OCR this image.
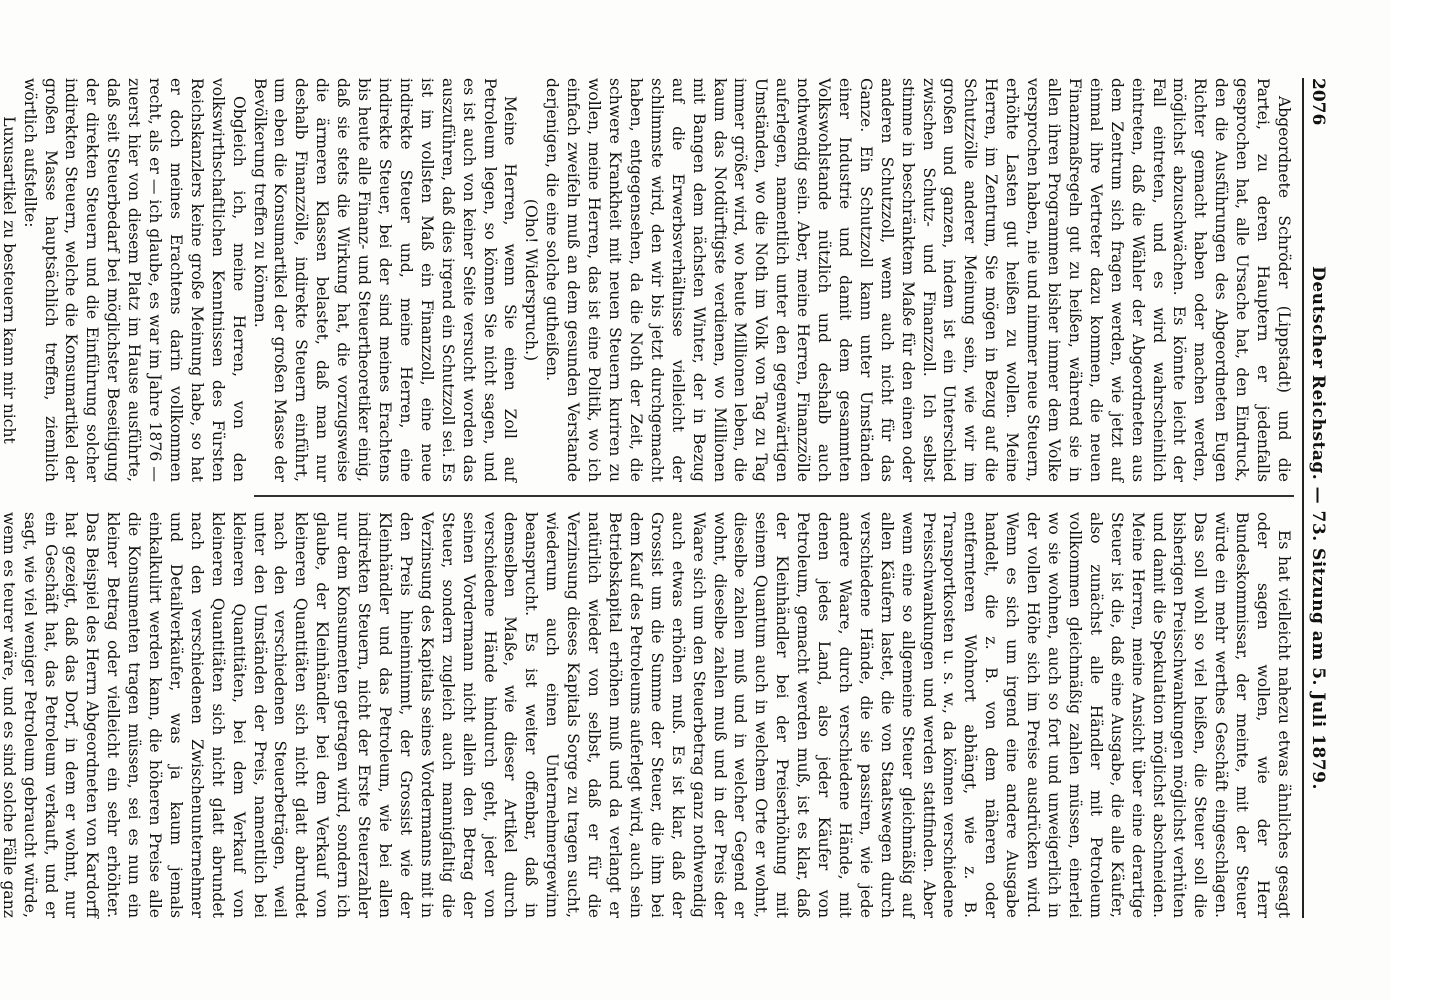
2076
Deutscher Reichstag. — 73. Sitzung am 5. Juli 1879.

Abgeordnete Schröder (Lippstadt) und die Partei, zu deren Hauptern er jedenfalls gesprochen hat, alle Ursache hat, den Eindruck, den die Ausführungen des Abgeordneten Eugen Richter gemacht haben oder machen werden, möglichst abzuschwächen. Es könnte leicht der Fall eintreten, und es wird wahrscheinlich eintreten, daß die Wähler der Abgeordneten aus dem Zentrum sich fragen werden, wie jetzt auf einmal ihre Vertreter dazu kommen, die neuen Finanzmaßregeln gut zu heißen, während sie in allen ihren Programmen bisher immer dem Volke versprochen haben, nie und nimmer neue Steuern, erhöhte Lasten gut heißen zu wollen. Meine Herren, im Zentrum, Sie mögen in Bezug auf die Schutzzölle anderer Meinung sein, wie wir im großen und ganzen, indem ist ein Unterschied zwischen Schutz- und Finanzzoll. Ich selbst stimme in beschränktem Maße für den einen oder anderen Schutzzoll, wenn auch nicht für das Ganze. Ein Schutzzoll kann unter Umständen einer Industrie und damit dem gesammten Volkswohlstande nützlich und deshalb auch nothwendig sein. Aber, meine Herren, Finanzzölle auferlegen, namentlich unter den gegenwärtigen Umständen, wo die Noth im Volk von Tag zu Tag immer größer wird, wo heute Millionen leben, die kaum das Notdürftigste verdienen, wo Millionen mit Bangen dem nächsten Winter, der in Bezug auf die Erwerbsverhältnisse vielleicht der schlimmste wird, den wir bis jetzt durchgemacht haben, entgegensehen, da die Noth der Zeit, die schwere Krankheit mit neuen Steuern kuriren zu wollen, meine Herren, das ist eine Politik, wo ich einfach zweifeln muß an dem gesunden Verstande derjenigen, die eine solche gutheißen.

(Oho! Widerspruch.)

Meine Herren, wenn Sie einen Zoll auf Petroleum legen, so können Sie nicht sagen, und es ist auch von keiner Seite versucht worden das auszuführen, daß dies irgend ein Schutzzoll sei. Es ist im vollsten Maß ein Finanzzoll, eine neue indirekte Steuer und, meine Herren, eine indirekte Steuer, bei der sind meines Erachtens bis heute alle Finanz- und Steuertheoretiker einig, daß sie stets die Wirkung hat, die vorzugsweise die ärmeren Klassen belastet, daß man nur deshalb Finanzzölle, indirekte Steuern einführt, um eben die Konsumartikel der großen Masse der Bevölkerung treffen zu können.

Obgleich ich, meine Herren, von den volkswirthschaftlichen Kenntnissen des Fürsten Reichskanzlers keine große Meinung habe, so hat er doch meines Erachtens darin vollkommen recht, als er — ich glaube, es war im Jahre 1876 — zuerst hier von diesem Platz im Hause ausführte, daß seit Steuerbedarf bei möglichster Beseitigung der direkten Steuern und die Einführung solcher indirekten Steuern, welche die Konsumartikel der großen Masse hauptsächlich treffen, ziemlich wörtlich aufstellte:

Luxusartikel zu besteuern kann mir nicht

Es hat vielleicht nahezu etwas ähnliches gesagt oder sagen wollen, wie der Herr Bundeskommissar, der meinte, mit der Steuer würde ein mehr werthes Geschäft eingeschlagen. Das soll wohl so viel heißen, die Steuer soll die bisherigen Preisschwankungen möglichst verhüten und damit die Spekulation möglichst abschneiden. Meine Herren, meine Ansicht über eine derartige Steuer ist die, daß eine Ausgabe, die alle Käufer, also zunächst alle Händler mit Petroleum vollkommen gleichmäßig zahlen müssen, einerlei wo sie wohnen, auch so fort und unweigerlich in der vollen Höhe sich im Preise ausdrücken wird. Wenn es sich um irgend eine andere Ausgabe handelt, die z. B. von dem näheren oder entfernteren Wohnort abhängt, wie z. B. Transportkosten u. s. w., da können verschiedene Preisschwankungen und werden stattfinden. Aber wenn eine so allgemeine Steuer gleichmäßig auf allen Käufern lastet, die von Staatswegen durch verschiedene Hände, die sie passiren, wie jede andere Waare, durch verschiedene Hände, mit denen jedes Land, also jeder Käufer von Petroleum, gemacht werden muß, ist es klar, daß der Kleinhändler bei der Preiserhöhung mit seinem Quantum auch in welchem Orte er wohnt, dieselbe zahlen muß und in welcher Gegend er wohnt, dieselbe zahlen muß und in der Preis der Waare sich um den Steuerbetrag ganz nothwendig auch etwas erhöhen muß. Es ist klar, daß der Grossist um die Summe der Steuer, die ihm bei dem Kauf des Petroleums auferlegt wird, auch sein Betriebskapital erhöhen muß und da verlangt er natürlich wieder von selbst, daß er für die Verzinsung dieses Kapitals Sorge zu tragen sucht, wiederum auch einen Unternehmergewinn beansprucht. Es ist weiter offenbar, daß in demselben Maße, wie dieser Artikel durch verschiedene Hände hindurch geht, jeder von seinen Vordermann nicht allein den Betrag der Steuer, sondern zugleich auch mannigfaltig die Verzinsung des Kapitals seines Vordermanns mit in den Preis hineinnimmt, der Grossist wie der Kleinhändler und das Petroleum, wie bei allen indirekten Steuern, nicht der Erste Steuerzahler nur dem Konsumenten getragen wird, sondern ich glaube, der Kleinhändler bei dem Verkauf von kleineren Quantitäten sich nicht glatt abrundet nach den verschiedenen Steuerbeträgen, weil unter den Umständen der Preis, namentlich bei kleineren Quantitäten, bei dem Verkauf von kleineren Quantitäten sich nicht glatt abrundet nach den verschiedenen Zwischenunternehmer und Detailverkäufer, was ja kaum jemals einkalkulirt werden kann, die höheren Preise alle die Konsumenten tragen müssen, sei es nun ein kleiner Betrag oder vielleicht ein sehr erhöhter. Das Beispiel des Herrn Abgeordneten von Kardorff hat gezeigt, daß das Dorf, in dem er wohnt, nur ein Geschäft hat, das Petroleum verkauft, und er sagt, wie viel weniger Petroleum gebraucht würde, wenn es teurer wäre, und es sind solche Fälle ganz
